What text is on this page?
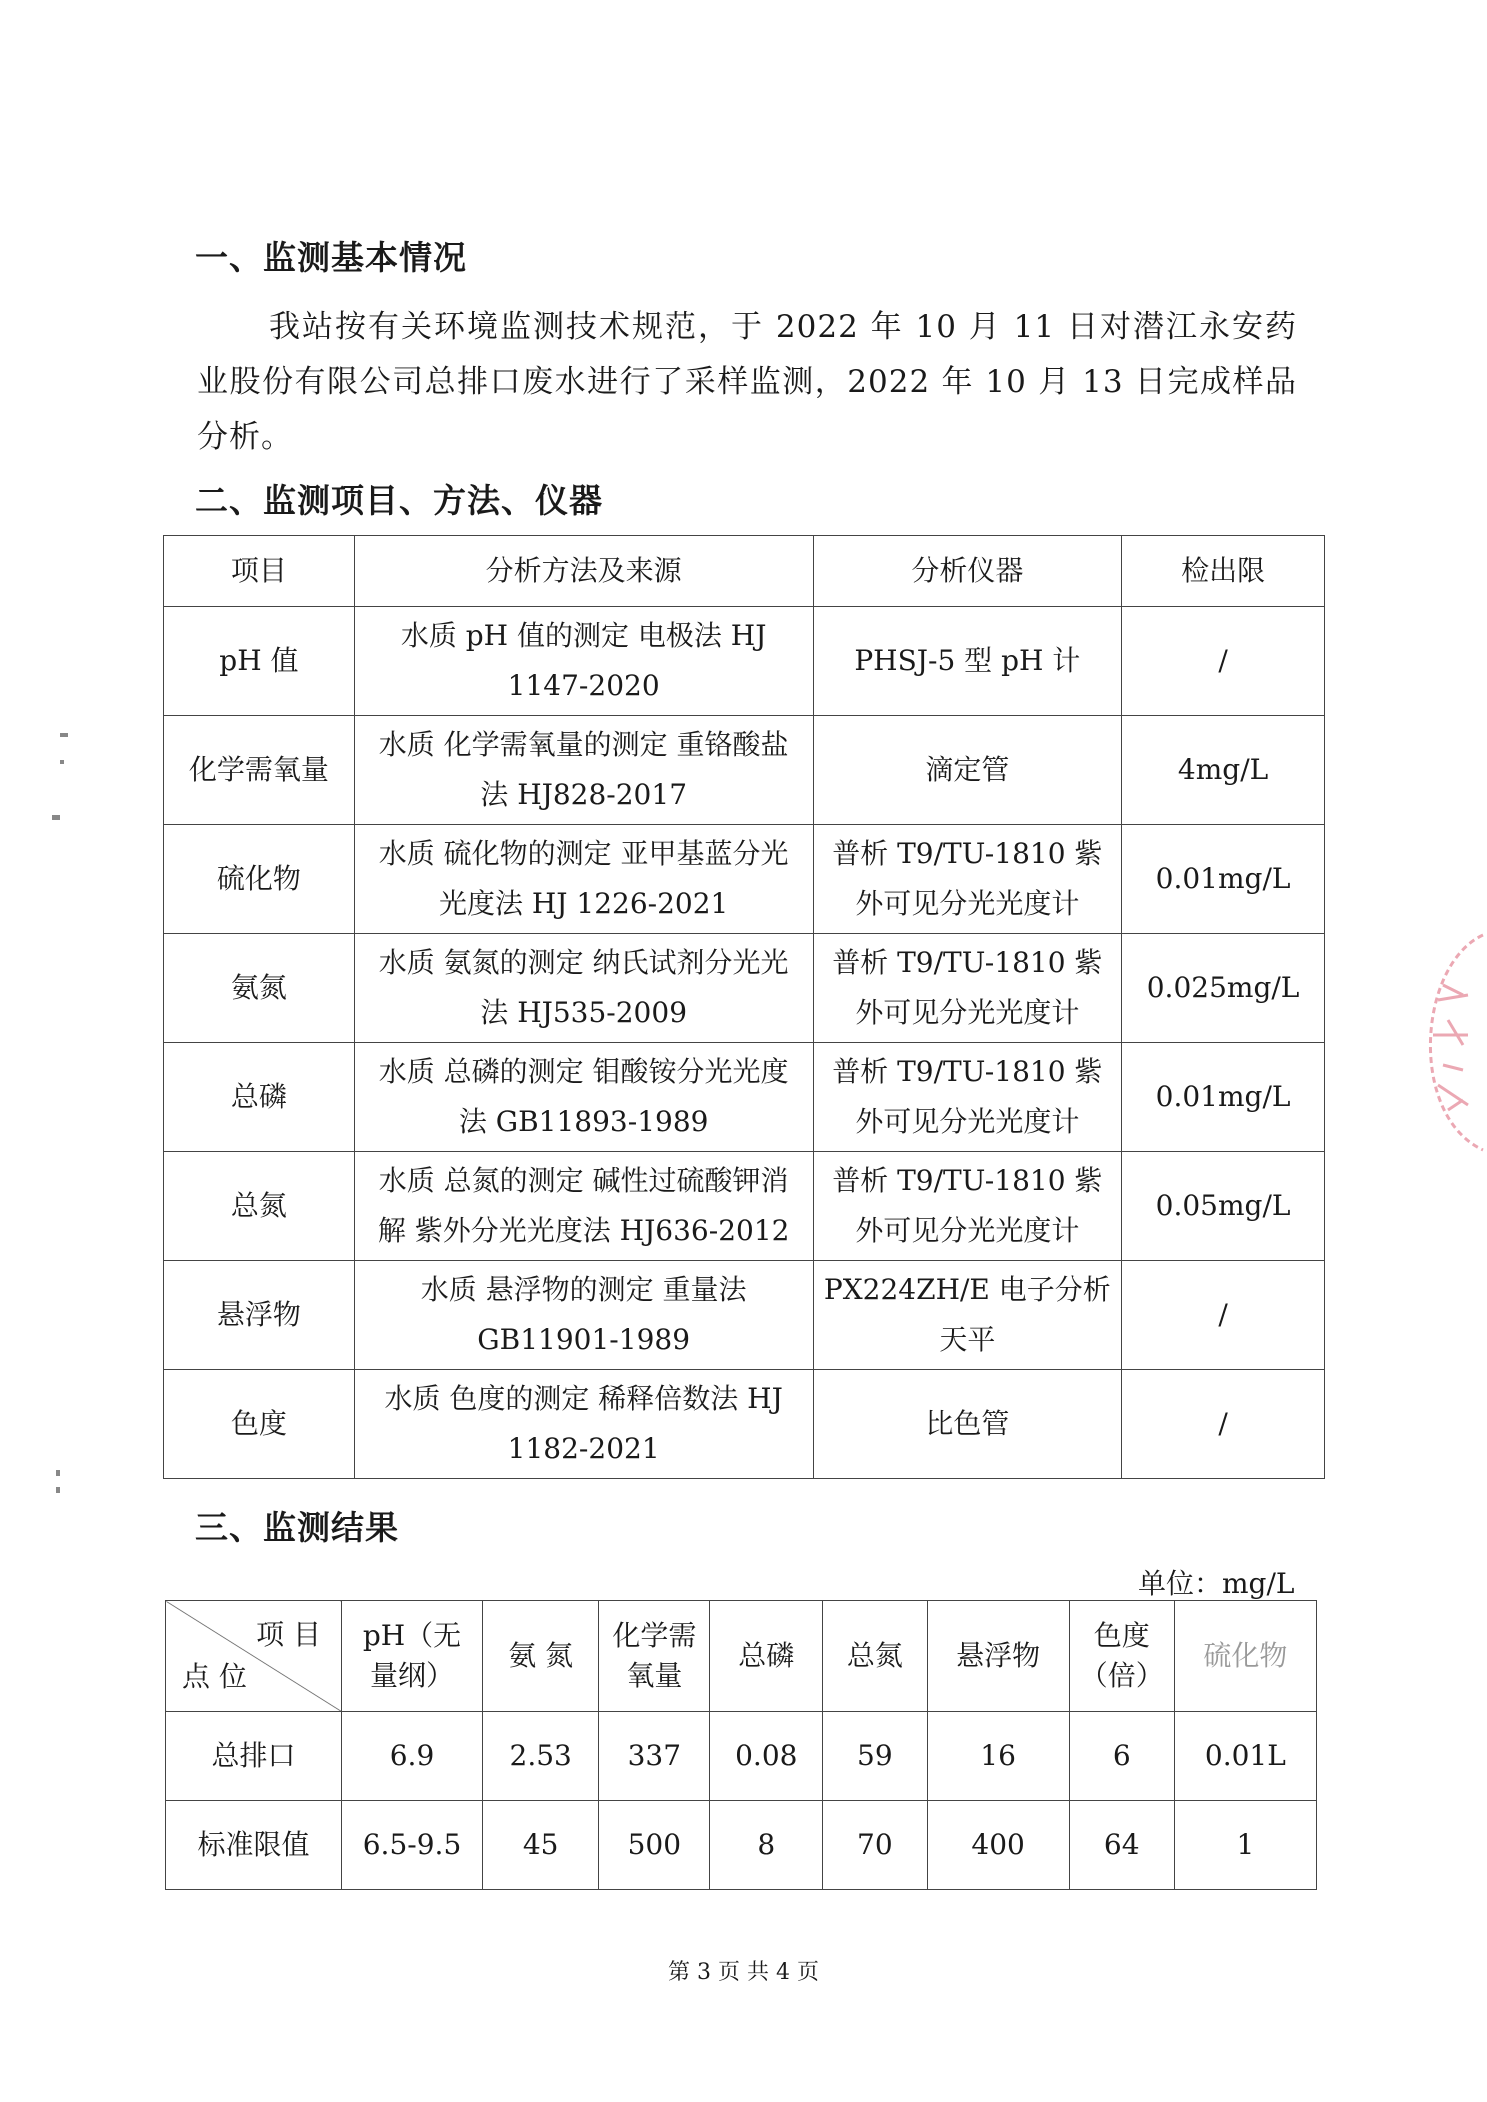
一、监测基本情况

我站按有关环境监测技术规范，于 2022 年 10 月 11 日对潜江永安药业股份有限公司总排口废水进行了采样监测，2022 年 10 月 13 日完成样品分析。

二、监测项目、方法、仪器
项目	分析方法及来源	分析仪器	检出限
pH 值	水质 pH 值的测定 电极法 HJ 1147-2020	PHSJ-5 型 pH 计	/
化学需氧量	水质 化学需氧量的测定 重铬酸盐法 HJ828-2017	滴定管	4mg/L
硫化物	水质 硫化物的测定 亚甲基蓝分光光度法 HJ 1226-2021	普析 T9/TU-1810 紫外可见分光光度计	0.01mg/L
氨氮	水质 氨氮的测定 纳氏试剂分光光法 HJ535-2009	普析 T9/TU-1810 紫外可见分光光度计	0.025mg/L
总磷	水质 总磷的测定 钼酸铵分光光度法 GB11893-1989	普析 T9/TU-1810 紫外可见分光光度计	0.01mg/L
总氮	水质 总氮的测定 碱性过硫酸钾消解 紫外分光光度法 HJ636-2012	普析 T9/TU-1810 紫外可见分光光度计	0.05mg/L
悬浮物	水质 悬浮物的测定 重量法 GB11901-1989	PX224ZH/E 电子分析天平	/
色度	水质 色度的测定 稀释倍数法 HJ 1182-2021	比色管	/
三、监测结果

单位：mg/L

项 目
点 位	pH（无量纲）	氨 氮	化学需氧量	总磷	总氮	悬浮物	色度（倍）	硫化物
总排口	6.9	2.53	337	0.08	59	16	6	0.01L
标准限值	6.5-9.5	45	500	8	70	400	64	1

第 3 页 共 4 页
